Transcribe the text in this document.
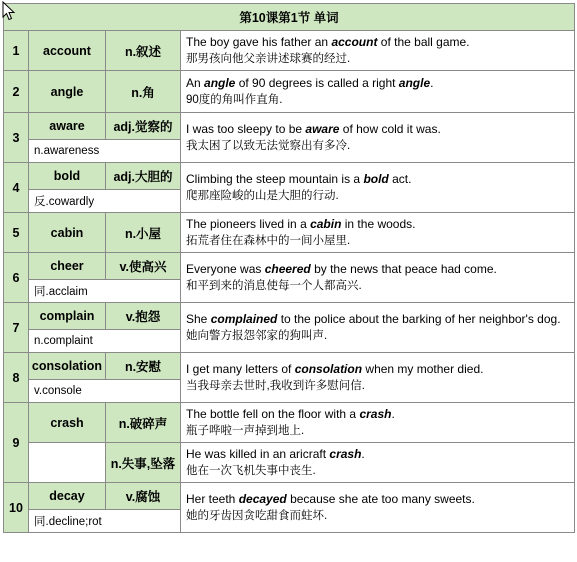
第10课第1节 单词			
1	account	n.叙述	The boy gave his father an account of the ball game.
那男孩向他父亲讲述球赛的经过.
2	angle	n.角	An angle of 90 degrees is called a right angle.
90度的角叫作直角.
3	aware	adj.觉察的	I was too sleepy to be aware of how cold it was.
我太困了以致无法觉察出有多冷.
	n.awareness		
4	bold	adj.大胆的	Climbing the steep mountain is a bold act.
爬那座险峻的山是大胆的行动.
	反.cowardly		
5	cabin	n.小屋	The pioneers lived in a cabin in the woods.
拓荒者住在森林中的一间小屋里.
6	cheer	v.使高兴	Everyone was cheered by the news that peace had come.
和平到来的消息使每一个人都高兴.
	同.acclaim		
7	complain	v.抱怨	She complained to the police about the barking of her neighbor's dog.
她向警方报怨邻家的狗叫声.
	n.complaint		
8	consolation	n.安慰	I get many letters of consolation when my mother died.
当我母亲去世时,我收到许多慰问信.
	v.console		
9	crash	n.破碎声	The bottle fell on the floor with a crash.
瓶子哗啦一声掉到地上.
		n.失事,坠落	He was killed in an aricraft crash.
他在一次飞机失事中丧生.
10	decay	v.腐蚀	Her teeth decayed because she ate too many sweets.
她的牙齿因贪吃甜食而蛀坏.
	同.decline;rot		
